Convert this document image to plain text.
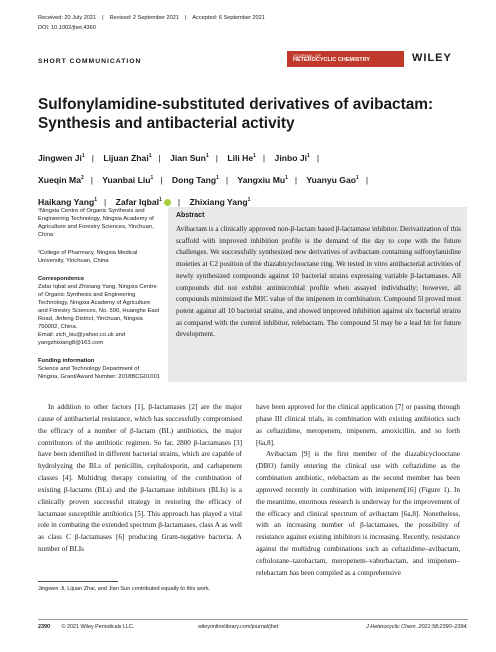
Received: 20 July 2021 | Revised: 2 September 2021 | Accepted: 6 September 2021
DOI: 10.1002/jhet.4360
SHORT COMMUNICATION
JOURNAL OF
HETEROCYCLIC CHEMISTRY	WILEY
Sulfonylamidine-substituted derivatives of avibactam: Synthesis and antibacterial activity
Jingwen Ji$^1$ | Lijuan Zhai$^1$ | Jian Sun$^1$ | Lili He$^1$ | Jinbo Ji$^1$ |
Xueqin Ma$^2$ | Yuanbai Liu$^1$ | Dong Tang$^1$ | Yangxiu Mu$^1$ | Yuanyu Gao$^1$ |
Haikang Yang$^1$ | Zafar Iqbal$^1$ | Zhixiang Yang$^1$
¹Ningxia Centre of Organic Synthesis and Engineering Technology, Ningxia Academy of Agriculture and Forestry Sciences, Yinchuan, China
²College of Pharmacy, Ningxia Medical University, Yinchuan, China
Correspondence
Zafar Iqbal and Zhixiang Yang, Ningxia Centre of Organic Synthesis and Engineering Technology, Ningxia Academy of Agriculture and Forestry Sciences, No. 590, Huanghe East Road, Jinfeng District, Yinchuan, Ningxia 750002, China.
Email: zich_kiu@yahoo.co.uk and yangzhixiang8@163.com
Funding information
Science and Technology Department of Ningxia, Grant/Award Number: 2018BCG01001
Abstract
Avibactam is a clinically approved non-β-lactam based β-lactamase inhibitor. Derivatization of this scaffold with improved inhibition profile is the demand of the day to cope with the future challenges. We successfully synthesized new derivatives of avibactam containing sulfonylamidine moieties at C2 position of the diazabicyclooctane ring. We tested in vitro antibacterial activities of newly synthesized compounds against 10 bacterial strains expressing variable β-lactamases. All compounds did not exhibit antimicrobial profile when assayed individually; however, all compounds minimized the MIC value of the imipenem in combination. Compound 5l proved most potent against all 10 bacterial strains, and showed improved inhibition against six bacterial strains as compared with the control inhibitor, relebactam. The compound 5l may be a lead hit for future development.

In addition to other factors [1], β-lactamases [2] are the major cause of antibacterial resistance, which has successfully compromised the efficacy of a number of β-lactam (BL) antibiotics, the major contributors of the antibiotic regimen. So far, 2800 β-lactamases [3] have been identified in different bacterial strains, which are capable of hydrolyzing the BLs of penicillin, cephalosporin, and carbapenem classes [4]. Multidrug therapy consisting of the combination of existing β-lactams (BLs) and the β-lactamase inhibitors (BLIs) is a clinically proven successful strategy in restoring the efficacy of lactamase susceptible antibiotics [5]. This approach has played a vital role in combating the extended spectrum β-lactamases, class A as well as class C β-lactamases [6] producing Gram-negative bacteria. A number of BLIs

have been approved for the clinical application [7] or passing through phase III clinical trials, in combination with existing antibiotics such as ceftazidime, meropenem, imipenem, amoxicillin, and so forth [6a,8].

Avibactam [9] is the first member of the diazabicyclooctane (DBO) family entering the clinical use with ceftazidime as the combination antibiotic, relebactam as the second member has been approved recently in combination with imipenem[16] (Figure 1). In the meantime, enormous research is underway for the improvement of the efficacy and clinical spectrum of avibactam [6a,8]. Nonetheless, with an increasing number of β-lactamases, the possibility of resistance against existing inhibitors is increasing. Recently, resistance against the multidrug combinations such as ceftazidime–avibactam, ceftolozane–tazobactam, meropenem–vaborbactam, and imipenem–relebactam has been compiled as a comprehensive

Jingwen Ji, Lijuan Zhai, and Jian Sun contributed equally to this work.
2390 © 2021 Wiley Periodicals LLC.	wileyonlinelibrary.com/journal/jhet	J Heterocyclic Chem. 2021;58:2390–2394.
